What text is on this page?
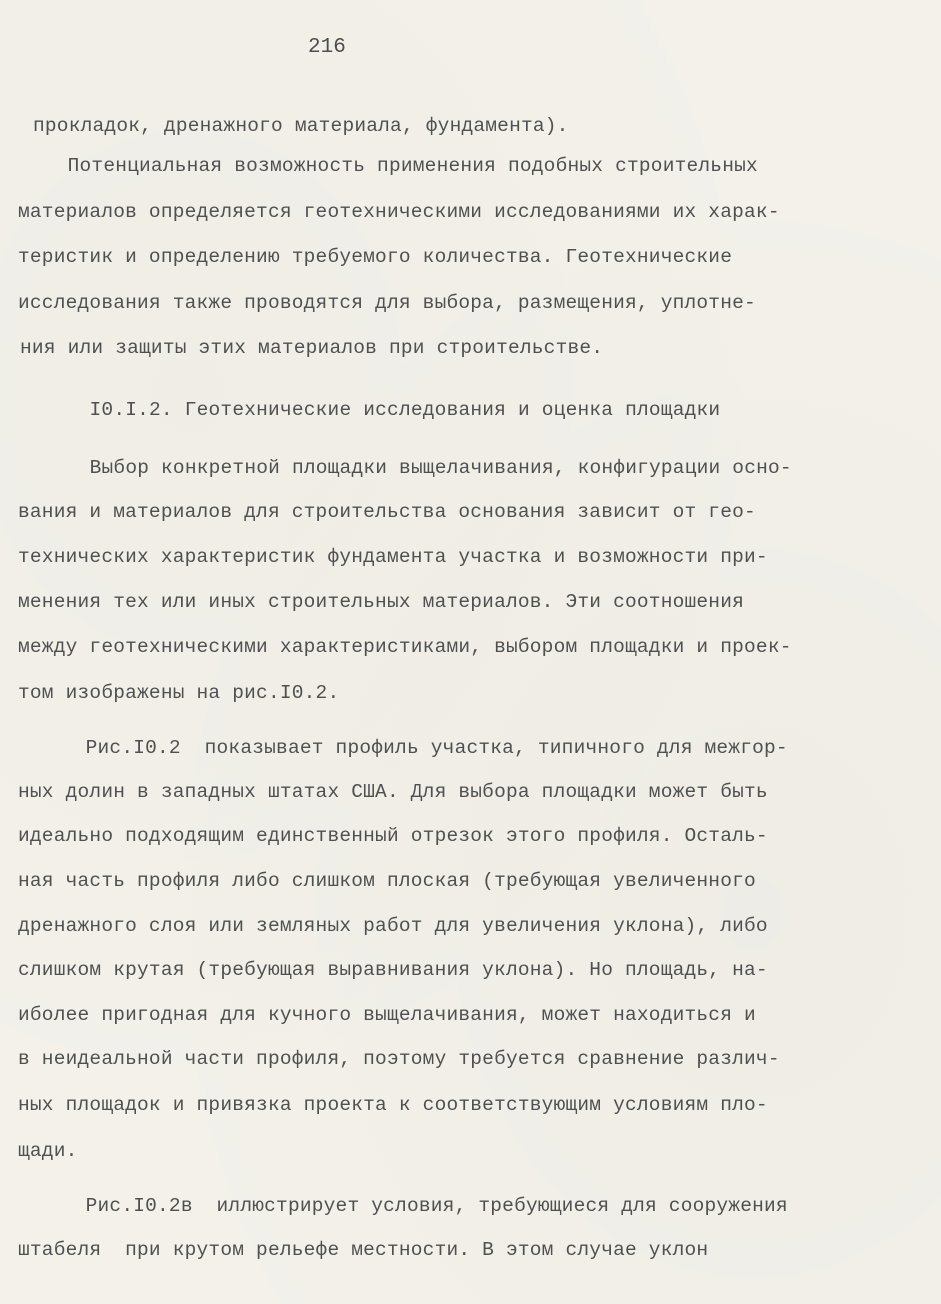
216
прокладок, дренажного материала, фундамента).
Потенциальная возможность применения подобных строительных
материалов определяется геотехническими исследованиями их харак-
теристик и определению требуемого количества. Геотехнические
исследования также проводятся для выбора, размещения, уплотне-
ния или защиты этих материалов при строительстве.
I0.I.2. Геотехнические исследования и оценка площадки
Выбор конкретной площадки выщелачивания, конфигурации осно-
вания и материалов для строительства основания зависит от гео-
технических характеристик фундамента участка и возможности при-
менения тех или иных строительных материалов. Эти соотношения
между геотехническими характеристиками, выбором площадки и проек-
том изображены на рис.I0.2.
Рис.I0.2  показывает профиль участка, типичного для межгор-
ных долин в западных штатах США. Для выбора площадки может быть
идеально подходящим единственный отрезок этого профиля. Осталь-
ная часть профиля либо слишком плоская (требующая увеличенного
дренажного слоя или земляных работ для увеличения уклона), либо
слишком крутая (требующая выравнивания уклона). Но площадь, на-
иболее пригодная для кучного выщелачивания, может находиться и
в неидеальной части профиля, поэтому требуется сравнение различ-
ных площадок и привязка проекта к соответствующим условиям пло-
щади.
Рис.I0.2в  иллюстрирует условия, требующиеся для сооружения
штабеля  при крутом рельефе местности. В этом случае уклон
